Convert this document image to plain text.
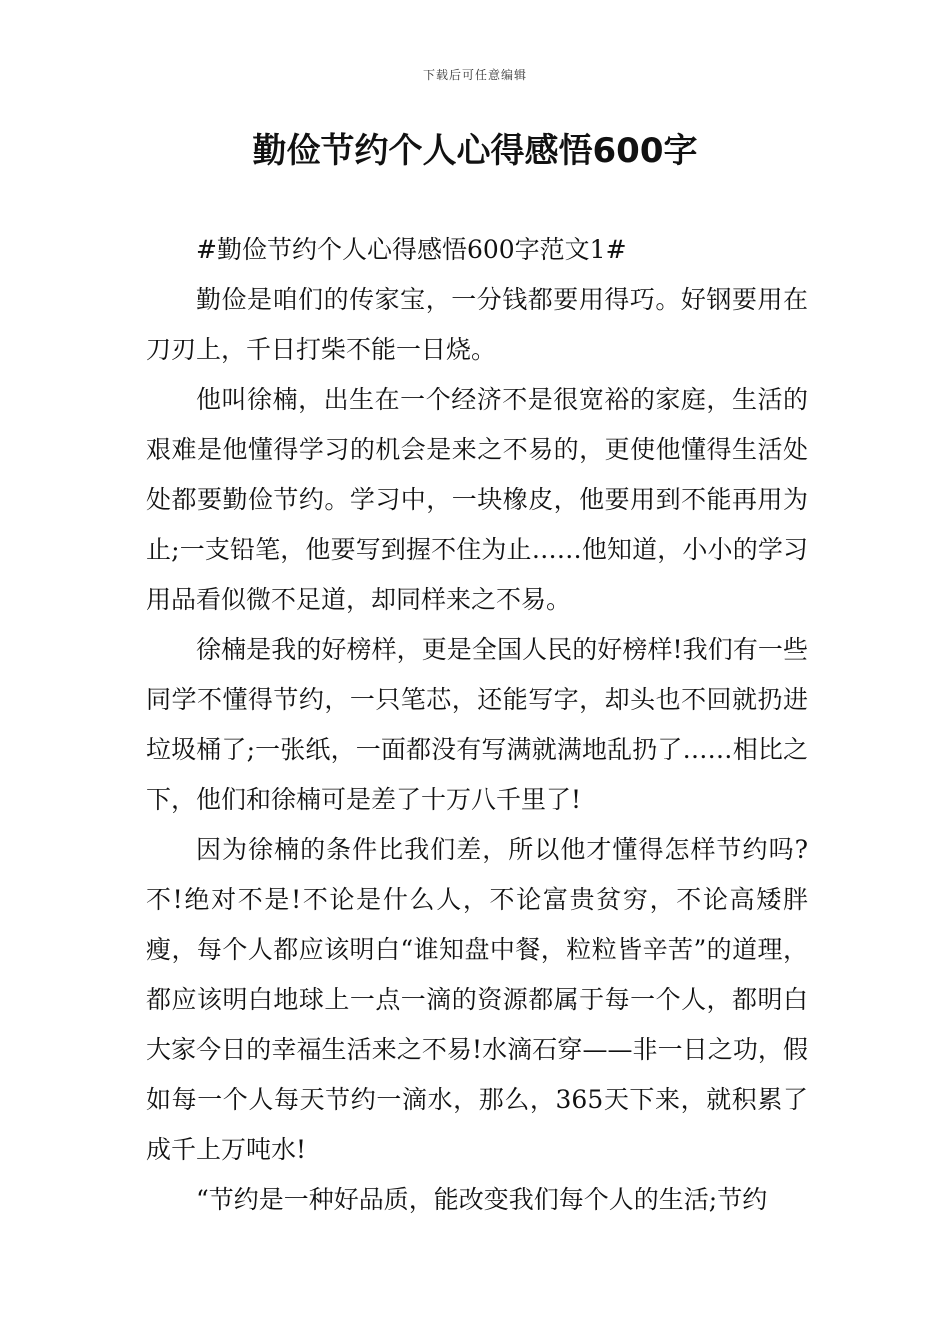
下载后可任意编辑
勤俭节约个人心得感悟600字

#勤俭节约个人心得感悟600字范文1#

勤俭是咱们的传家宝，一分钱都要用得巧。好钢要用在刀刃上，千日打柴不能一日烧。

他叫徐楠，出生在一个经济不是很宽裕的家庭，生活的艰难是他懂得学习的机会是来之不易的，更使他懂得生活处处都要勤俭节约。学习中，一块橡皮，他要用到不能再用为止;一支铅笔，他要写到握不住为止……他知道，小小的学习用品看似微不足道，却同样来之不易。

徐楠是我的好榜样，更是全国人民的好榜样!我们有一些同学不懂得节约，一只笔芯，还能写字，却头也不回就扔进垃圾桶了;一张纸，一面都没有写满就满地乱扔了……相比之下，他们和徐楠可是差了十万八千里了!

因为徐楠的条件比我们差，所以他才懂得怎样节约吗?不!绝对不是!不论是什么人，不论富贵贫穷，不论高矮胖瘦，每个人都应该明白“谁知盘中餐，粒粒皆辛苦”的道理，都应该明白地球上一点一滴的资源都属于每一个人，都明白大家今日的幸福生活来之不易!水滴石穿——非一日之功，假如每一个人每天节约一滴水，那么，365天下来，就积累了成千上万吨水!

“节约是一种好品质，能改变我们每个人的生活;节约
